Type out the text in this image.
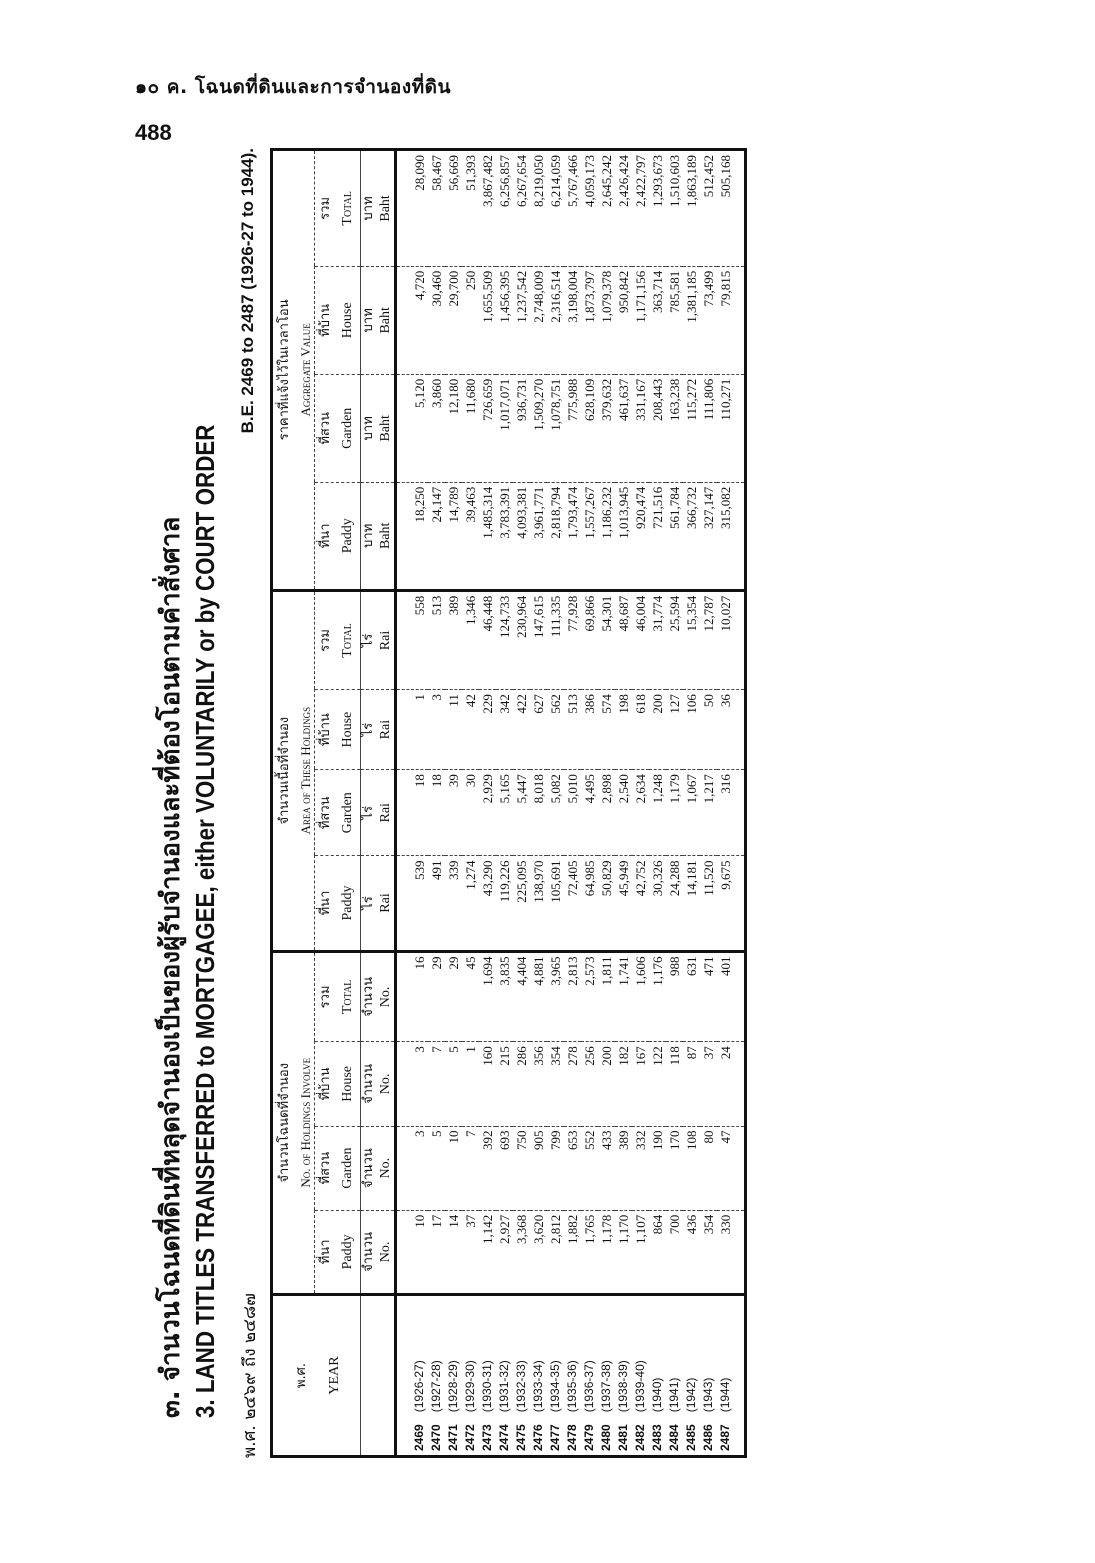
๑๐ ค. โฉนดที่ดินและการจำนองที่ดิน
488
๓. จำนวนโฉนดที่ดินที่หลุดจำนองเป็นของผู้รับจำนองและที่ต้องโอนตามคำสั่งศาล 3. LAND TITLES TRANSFERRED to MORTGAGEE, either VOLUNTARILY or by COURT ORDER พ.ศ. ๒๔๖๙ ถึง ๒๔๘๗
B.E. 2469 to 2487 (1926-27 to 1944).
พ.ศ. YEAR	จำนวนโฉนดที่จำนอง No. of Holdings Involve				จำนวนเนื้อที่จำนอง Area of These Holdings				ราคาที่แจ้งไว้ในเวลาโอน Aggregate Value			

	ที่นา Paddy	ที่สวน Garden	ที่บ้าน House	รวม Total	ที่นา Paddy	ที่สวน Garden	ที่บ้าน House	รวม Total	ที่นา Paddy	ที่สวน Garden	ที่บ้าน House	รวม Total
	จำนวน No.	จำนวน No.	จำนวน No.	จำนวน No.	ไร่ Rai	ไร่ Rai	ไร่ Rai	ไร่ Rai	บาท Baht	บาท Baht	บาท Baht	บาท Baht
2469(1926-27)	10	3	3	16	539	18	1	558	18,250	5,120	4,720	28,090
2470(1927-28)	17	5	7	29	491	18	3	513	24,147	3,860	30,460	58,467
2471(1928-29)	14	10	5	29	339	39	11	389	14,789	12,180	29,700	56,669
2472(1929-30)	37	7	1	45	1,274	30	42	1,346	39,463	11,680	250	51,393
2473(1930-31)	1,142	392	160	1,694	43,290	2,929	229	46,448	1,485,314	726,659	1,655,509	3,867,482
2474(1931-32)	2,927	693	215	3,835	119,226	5,165	342	124,733	3,783,391	1,017,071	1,456,395	6,256,857
2475(1932-33)	3,368	750	286	4,404	225,095	5,447	422	230,964	4,093,381	936,731	1,237,542	6,267,654
2476(1933-34)	3,620	905	356	4,881	138,970	8,018	627	147,615	3,961,771	1,509,270	2,748,009	8,219,050
2477(1934-35)	2,812	799	354	3,965	105,691	5,082	562	111,335	2,818,794	1,078,751	2,316,514	6,214,059
2478(1935-36)	1,882	653	278	2,813	72,405	5,010	513	77,928	1,793,474	775,988	3,198,004	5,767,466
2479(1936-37)	1,765	552	256	2,573	64,985	4,495	386	69,866	1,557,267	628,109	1,873,797	4,059,173
2480(1937-38)	1,178	433	200	1,811	50,829	2,898	574	54,301	1,186,232	379,632	1,079,378	2,645,242
2481(1938-39)	1,170	389	182	1,741	45,949	2,540	198	48,687	1,013,945	461,637	950,842	2,426,424
2482(1939-40)	1,107	332	167	1,606	42,752	2,634	618	46,004	920,474	331,167	1,171,156	2,422,797
2483(1940)	864	190	122	1,176	30,326	1,248	200	31,774	721,516	208,443	363,714	1,293,673
2484(1941)	700	170	118	988	24,288	1,179	127	25,594	561,784	163,238	785,581	1,510,603
2485(1942)	436	108	87	631	14,181	1,067	106	15,354	366,732	115,272	1,381,185	1,863,189
2486(1943)	354	80	37	471	11,520	1,217	50	12,787	327,147	111,806	73,499	512,452
2487(1944)	330	47	24	401	9,675	316	36	10,027	315,082	110,271	79,815	505,168
